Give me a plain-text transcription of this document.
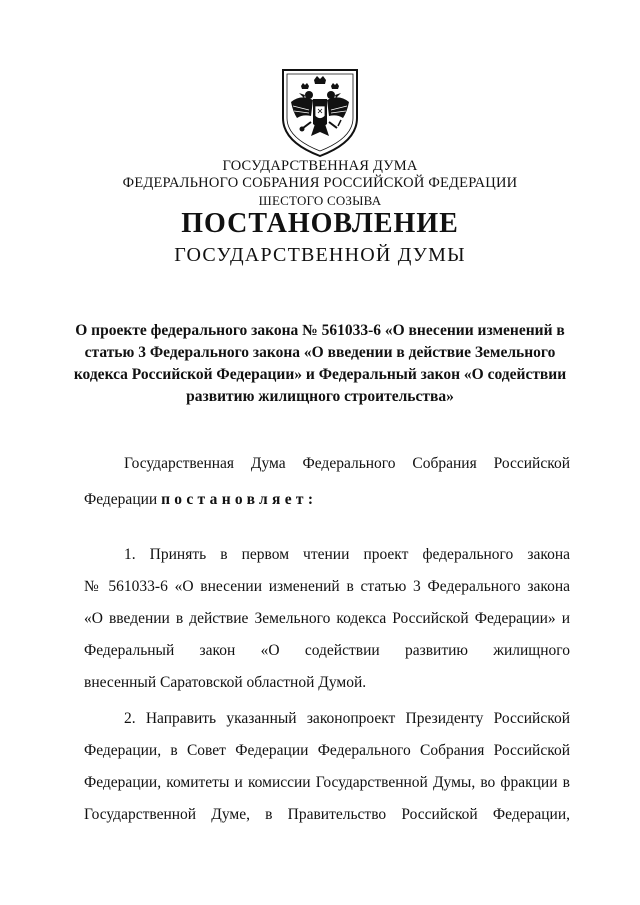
ГОСУДАРСТВЕННАЯ ДУМА
ФЕДЕРАЛЬНОГО СОБРАНИЯ РОССИЙСКОЙ ФЕДЕРАЦИИ
ШЕСТОГО СОЗЫВА
ПОСТАНОВЛЕНИЕ
ГОСУДАРСТВЕННОЙ ДУМЫ
О проекте федерального закона № 561033-6 «О внесении изменений в
статью 3 Федерального закона «О введении в действие Земельного
кодекса Российской Федерации» и Федеральный закон «О содействии
развитию жилищного строительства»
Государственная Дума Федерального Собрания Российской
Федерации постановляет:
1. Принять в первом чтении проект федерального закона
№ 561033-6 «О внесении изменений в статью 3 Федерального закона
«О введении в действие Земельного кодекса Российской Федерации» и
Федеральный закон «О содействии развитию жилищного
внесенный Саратовской областной Думой.
2. Направить указанный законопроект Президенту Российской
Федерации, в Совет Федерации Федерального Собрания Российской
Федерации, комитеты и комиссии Государственной Думы, во фракции в
Государственной Думе, в Правительство Российской Федерации,
